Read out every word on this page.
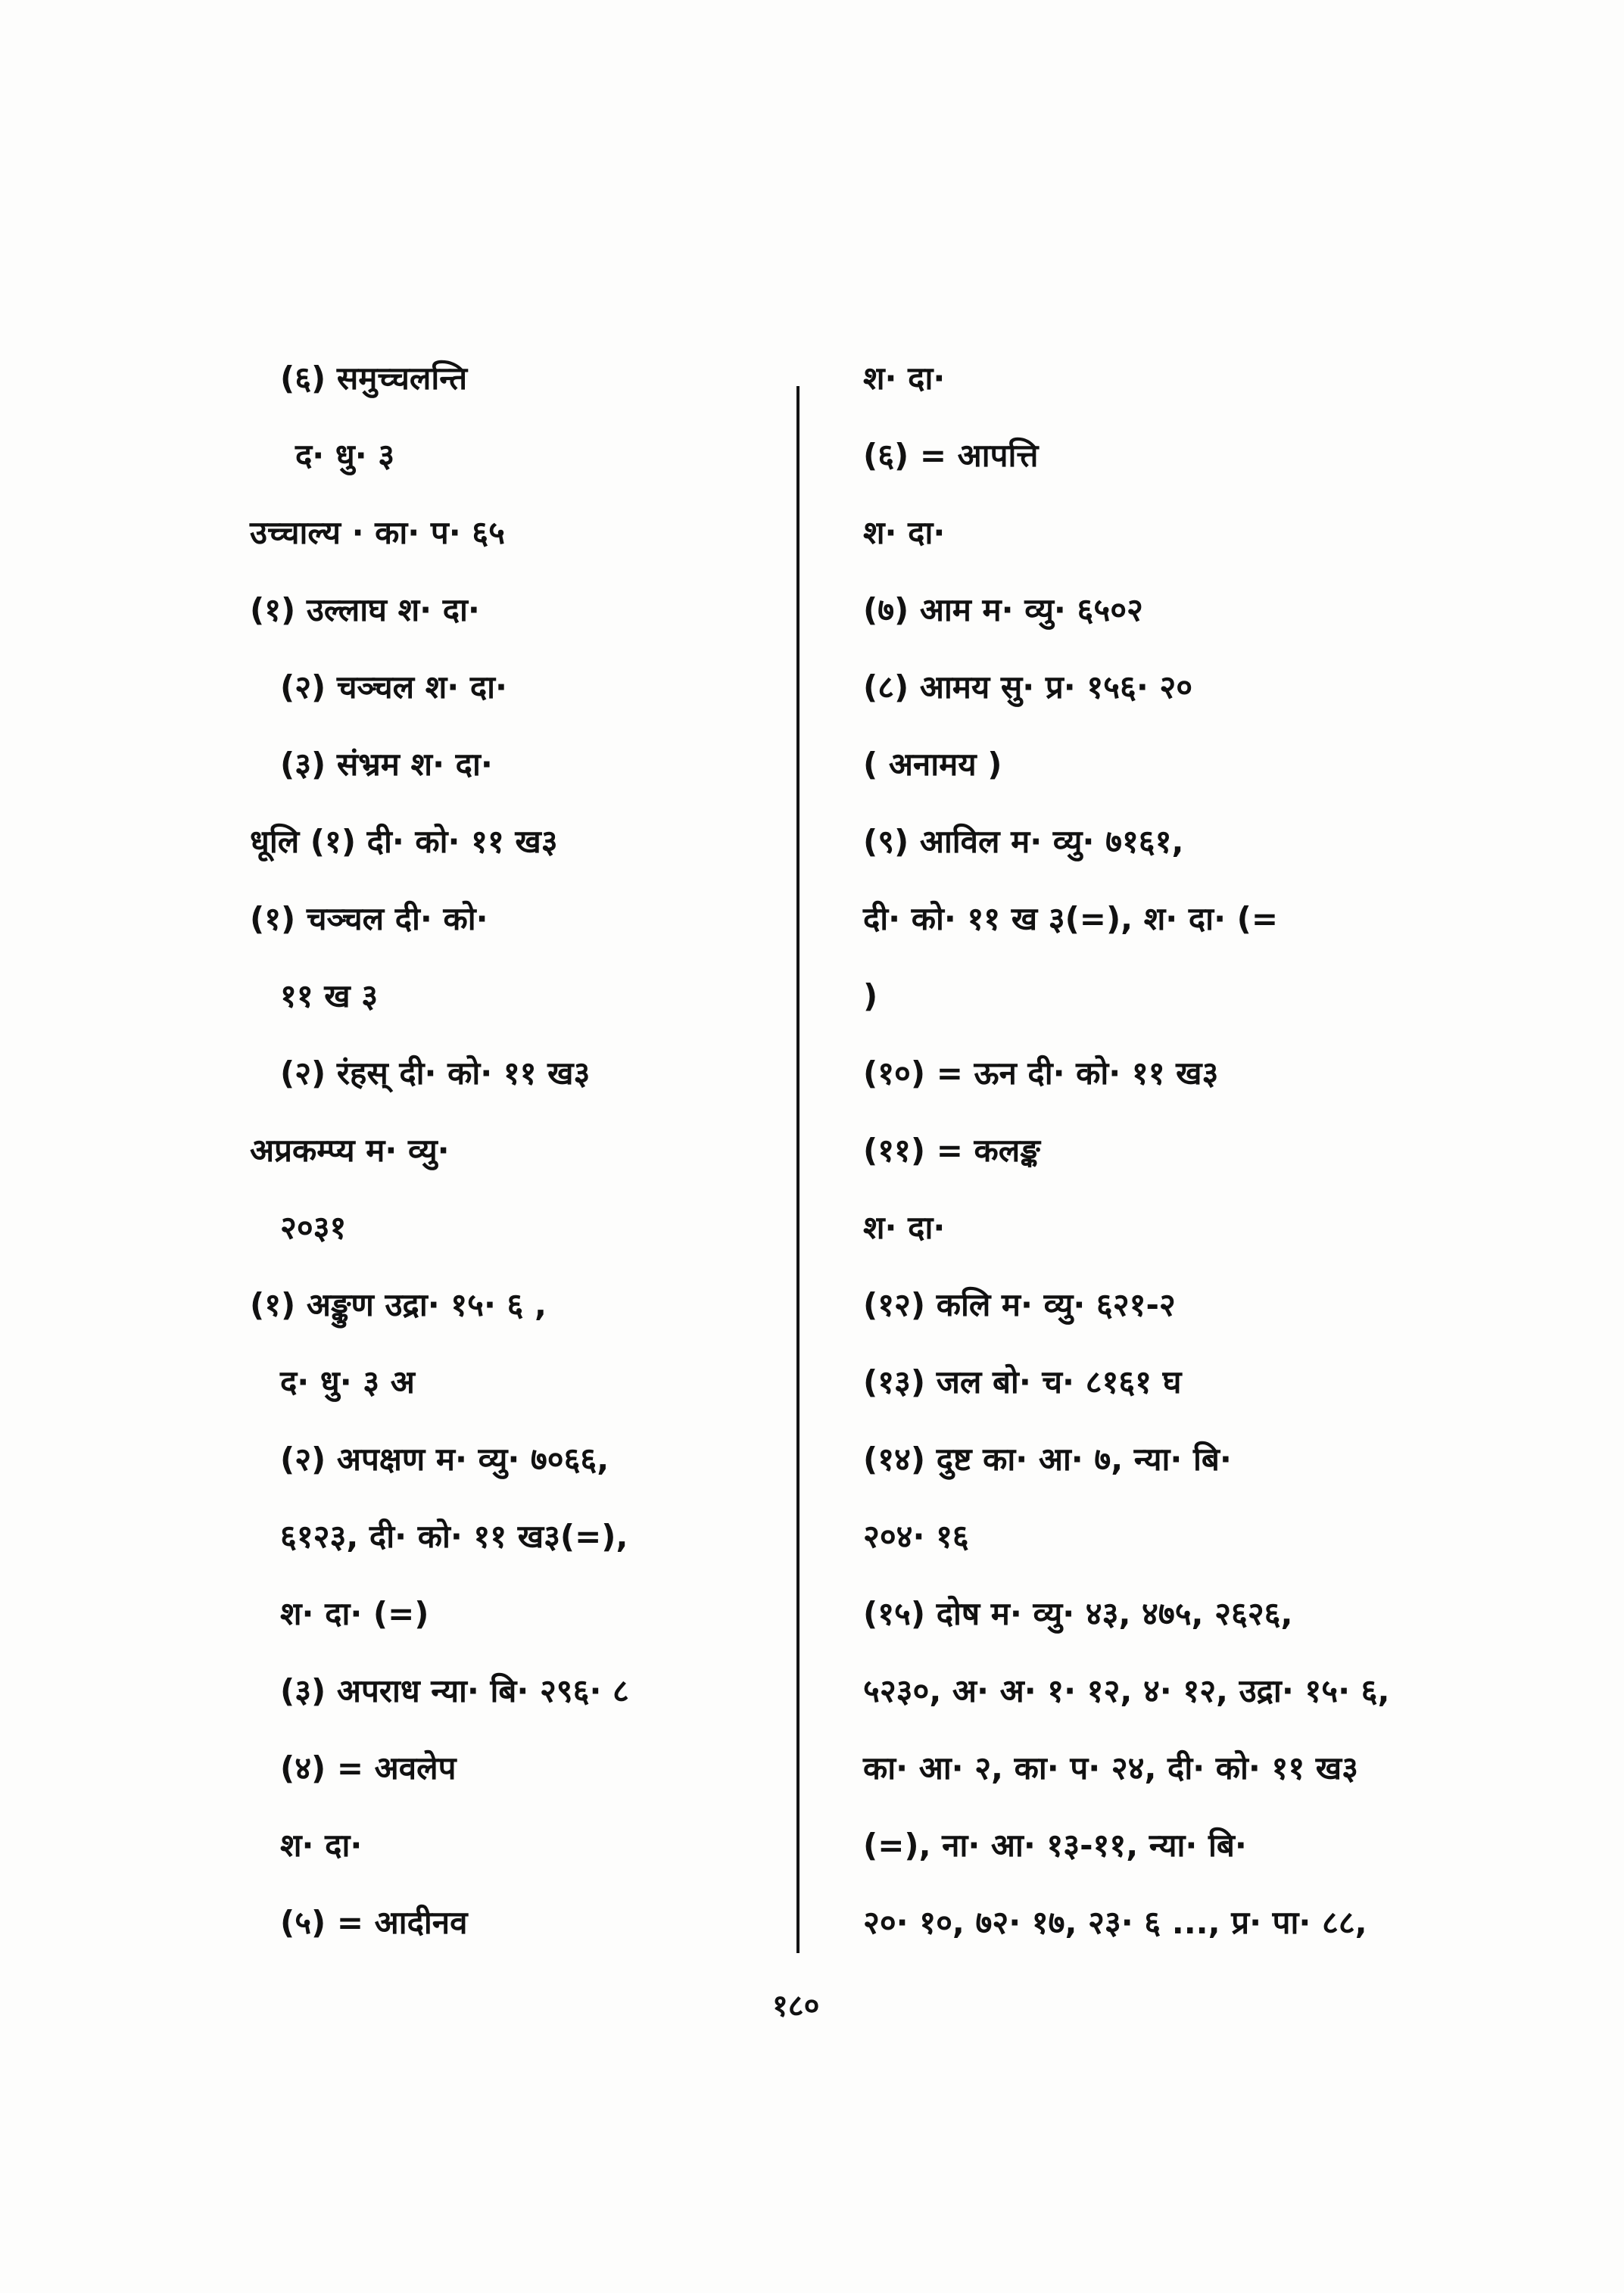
(६) समुच्चलन्ति
द· धु· ३
उच्चाल्य · का· प· ६५
(१) उल्लाघ श· दा·
(२) चञ्चल श· दा·
(३) संभ्रम श· दा·
धूलि (१) दी· को· ११ ख३
(१) चञ्चल दी· को·
११ ख ३
(२) रंहस् दी· को· ११ ख३
अप्रकम्प्य म· व्यु·
२०३१
(१) अङ्कुण उद्रा· १५· ६ ,
द· धु· ३ अ
(२) अपक्षण म· व्यु· ७०६६,
६१२३, दी· को· ११ ख३(=),
श· दा· (=)
(३) अपराध न्या· बि· २९६· ८
(४) = अवलेप
श· दा·
(५) = आदीनव
श· दा·
(६) = आपत्ति
श· दा·
(७) आम म· व्यु· ६५०२
(८) आमय सु· प्र· १५६· २०
( अनामय )
(९) आविल म· व्यु· ७१६१,
दी· को· ११ ख ३(=), श· दा· (=
)
(१०) = ऊन दी· को· ११ ख३
(११) = कलङ्क
श· दा·
(१२) कलि म· व्यु· ६२१-२
(१३) जल बो· च· ८१६१ घ
(१४) दुष्ट का· आ· ७, न्या· बि·
२०४· १६
(१५) दोष म· व्यु· ४३, ४७५, २६२६,
५२३०, अ· अ· १· १२, ४· १२, उद्रा· १५· ६,
का· आ· २, का· प· २४, दी· को· ११ ख३
(=), ना· आ· १३-११, न्या· बि·
२०· १०, ७२· १७, २३· ६ ..., प्र· पा· ८८,
१८०
